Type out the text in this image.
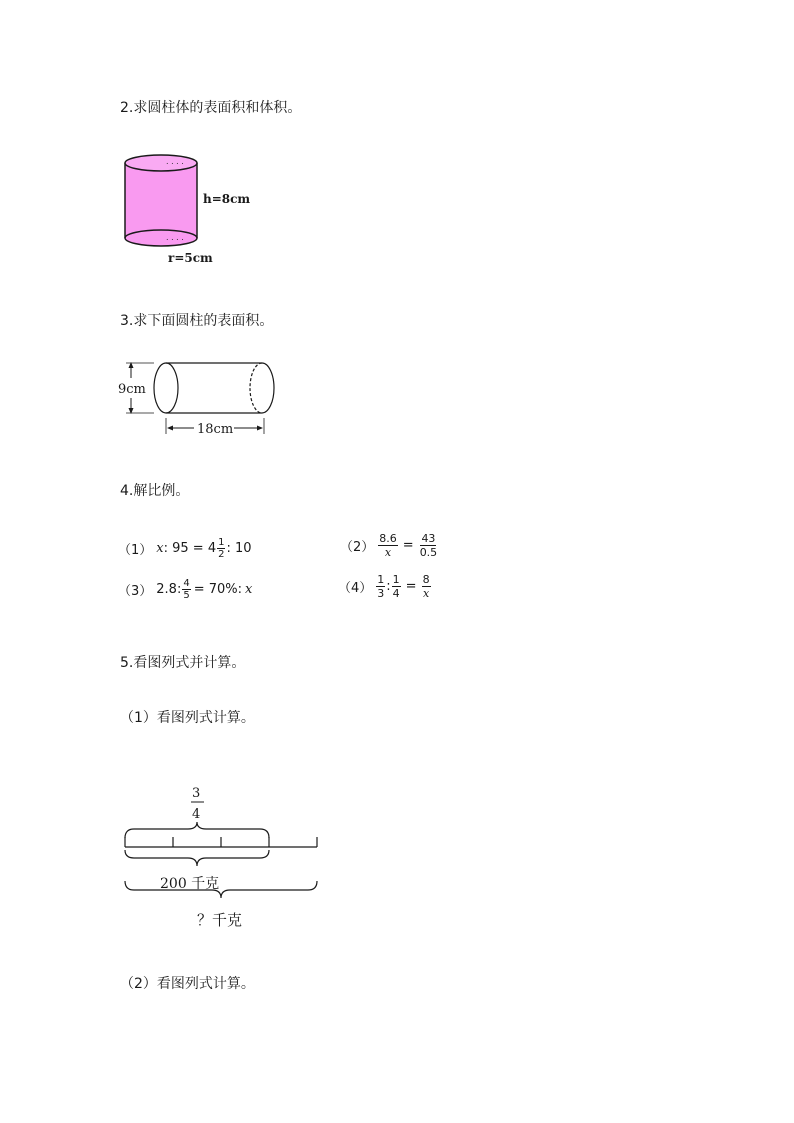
2.求圆柱体的表面积和体积。
. . . .
. . . .
h=8cm
r=5cm
3.求下面圆柱的表面积。
9cm
18cm
4.解比例。
（1） x : $95 = 4 \frac{1}{2}$ : 10	$(2) \frac{8.6}{x} = \frac{43}{0.5}$
（3） 2.8: $\frac{4}{5} = 70\%$: x	$(4) \frac{1}{3}$ : $\frac{1}{4} = \frac{8}{x}$
5.看图列式并计算。
（1）看图列式计算。
3
4
200 千克
？千克
（2）看图列式计算。
